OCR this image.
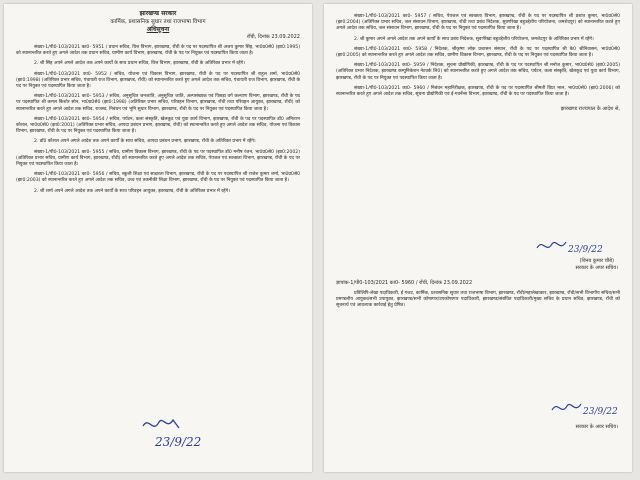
झारखण्ड सरकार
कार्मिक, प्रशासनिक सुधार तथा राजभाषा विभाग
अधिसूचना
राँची, दिनांक 23.09.2022

संख्या-1/पी0-103/2021 का0- 5951 / प्रधान सचिव, वित्त विभाग, झारखण्ड, राँची के पद पर पदस्थापित श्री अजय कुमार सिंह, भा0प्र0से0 (झा0:1995) को स्थानान्तरित करते हुए अगले आदेश तक प्रधान सचिव, ग्रामीण कार्य विभाग, झारखण्ड, राँची के पद पर नियुक्त एवं पदस्थापित किया जाता है।

2. श्री सिंह अपने अगले आदेश तक अपने कार्यों के साथ प्रधान सचिव, वित्त विभाग, झारखण्ड, राँची के अतिरिक्त प्रभार में रहेंगे।

संख्या-1/पी0-103/2021 का0- 5952 / सचिव, योजना एवं विकास विभाग, झारखण्ड, राँची के पद पर पदस्थापित श्री राहुल शर्मा, भा0प्र0से0 (झा0:1998) (अतिरिक्त प्रभार सचिव, पंचायती राज विभाग, झारखण्ड, राँची) को स्थानान्तरित करते हुए अगले आदेश तक सचिव, पंचायती राज विभाग, झारखण्ड, राँची के पद पर नियुक्त एवं पदस्थापित किया जाता है।

संख्या-1/पी0-103/2021 का0- 5953 / सचिव, अनुसूचित जनजाति, अनुसूचित जाति, अल्पसंख्यक एवं पिछड़ा वर्ग कल्याण विभाग, झारखण्ड, राँची के पद पर पदस्थापित श्री कमल किशोर सोन, भा0प्र0से0 (झा0:1998) (अतिरिक्त प्रभार सचिव, परिवहन विभाग, झारखण्ड, राँची तथा परिवहन आयुक्त, झारखण्ड, राँची) को स्थानान्तरित करते हुए अगले आदेश तक सचिव, राजस्व, निबंधन एवं भूमि सुधार विभाग, झारखण्ड, राँची के पद पर नियुक्त एवं पदस्थापित किया जाता है।

संख्या-1/पी0-103/2021 का0- 5954 / सचिव, पर्यटन, कला संस्कृति, खेलकूद एवं युवा कार्य विभाग, झारखण्ड, राँची के पद पर पदस्थापित डॉ0 अमिताभ कौशल, भा0प्र0से0 (झा0:2001) (अतिरिक्त प्रभार सचिव, आपदा प्रबंधन प्रभाग, झारखण्ड, राँची) को स्थानान्तरित करते हुए अगले आदेश तक सचिव, योजना एवं विकास विभाग, झारखण्ड, राँची के पद पर नियुक्त एवं पदस्थापित किया जाता है।

2. डॉ0 कौशल अपने अगले आदेश तक अपने कार्यों के साथ सचिव, आपदा प्रबंधन प्रभाग, झारखण्ड, राँची के अतिरिक्त प्रभार में रहेंगे।

संख्या-1/पी0-103/2021 का0- 5955 / सचिव, ग्रामीण विकास विभाग, झारखण्ड, राँची के पद पर पदस्थापित डॉ0 मनीष रंजन, भा0प्र0से0 (झा0:2002) (अतिरिक्त प्रभार सचिव, ग्रामीण कार्य विभाग, झारखण्ड, राँची) को स्थानान्तरित करते हुए अगले आदेश तक सचिव, पेयजल एवं स्वच्छता विभाग, झारखण्ड, राँची के पद पर नियुक्त एवं पदस्थापित किया जाता है।

संख्या-1/पी0-103/2021 का0- 5956 / सचिव, स्कूली शिक्षा एवं साक्षरता विभाग, झारखण्ड, राँची के पद पर पदस्थापित श्री राजेश कुमार शर्मा, भा0प्र0से0 (झा0:2003) को स्थानान्तरित करते हुए अगले आदेश तक सचिव, उच्च एवं तकनीकी शिक्षा विभाग, झारखण्ड, राँची के पद पर नियुक्त एवं पदस्थापित किया जाता है।

2. श्री शर्मा अपने अगले आदेश तक अपने कार्यों के साथ परिवहन आयुक्त, झारखण्ड, राँची के अतिरिक्त प्रभार में रहेंगे।

23/9/22

संख्या-1/पी0-103/2021 का0- 5957 / सचिव, पेयजल एवं स्वच्छता विभाग, झारखण्ड, राँची के पद पर पदस्थापित श्री प्रशांत कुमार, भा0प्र0से0 (झा0:2004) (अतिरिक्त प्रभार सचिव, जल संसाधन विभाग, झारखण्ड, राँची तथा प्रबंध निदेशक, सुवर्णरेखा बहुउद्देशीय परियोजना, जमशेदपुर) को स्थानान्तरित करते हुए अगले आदेश तक सचिव, जल संसाधन विभाग, झारखण्ड, राँची के पद पर नियुक्त एवं पदस्थापित किया जाता है।

2. श्री कुमार अपने अगले आदेश तक अपने कार्यों के साथ प्रबंध निदेशक, सुवर्णरेखा बहुउद्देशीय परियोजना, जमशेदपुर के अतिरिक्त प्रभार में रहेंगे।

संख्या-1/पी0-103/2021 का0- 5958 / निदेशक, श्रीकृष्ण लोक प्रशासन संस्थान, राँची के पद पर पदस्थापित श्री के0 श्रीनिवासन, भा0प्र0से0 (झा0:2005) को स्थानान्तरित करते हुए अगले आदेश तक सचिव, ग्रामीण विकास विभाग, झारखण्ड, राँची के पद पर नियुक्त एवं पदस्थापित किया जाता है।

संख्या-1/पी0-103/2021 का0- 5959 / निदेशक, सूचना प्रौद्योगिकी, झारखण्ड, राँची के पद पर पदस्थापित श्री मनोज कुमार, भा0प्र0से0 (झा0:2005) (अतिरिक्त प्रभार निदेशक, झारखण्ड कम्युनिकेशन नेटवर्क लि0) को स्थानान्तरित करते हुए अगले आदेश तक सचिव, पर्यटन, कला संस्कृति, खेलकूद एवं युवा कार्य विभाग, झारखण्ड, राँची के पद पर नियुक्त एवं पदस्थापित किया जाता है।

संख्या-1/पी0-103/2021 का0- 5960 / निबंधन महानिरीक्षक, झारखण्ड, राँची के पद पर पदस्थापित श्रीमती विप्रा भाल, भा0प्र0से0 (झा0:2006) को स्थानान्तरित करते हुए अगले आदेश तक सचिव, सूचना प्रौद्योगिकी एवं ई-गवर्नेन्स विभाग, झारखण्ड, राँची के पद पर पदस्थापित किया जाता है।

झारखण्ड राज्यपाल के आदेश से,
23/9/22
(विनय कुमार चौबे)
सरकार के अपर सचिव।
ज्ञापांक-1/पी0-103/2021 का0- 5960 / राँची, दिनांक 23.09.2022

प्रतिलिपि-लेखा पदाधिकारी, ई गजट, कार्मिक, प्रशासनिक सुधार तथा राजभाषा विभाग, झारखण्ड, राँची/महालेखाकार, झारखण्ड, राँची/सभी विभागीय सचिव/सभी प्रमण्डलीय आयुक्त/सभी उपायुक्त, झारखण्ड/सभी कोषागार/उपकोषागार पदाधिकारी, झारखण्ड/संबंधित पदाधिकारी/मुख्य सचिव के प्रधान सचिव, झारखण्ड, राँची को सूचनार्थ एवं आवश्यक कार्रवाई हेतु प्रेषित।

23/9/22
सरकार के अवर सचिव।
